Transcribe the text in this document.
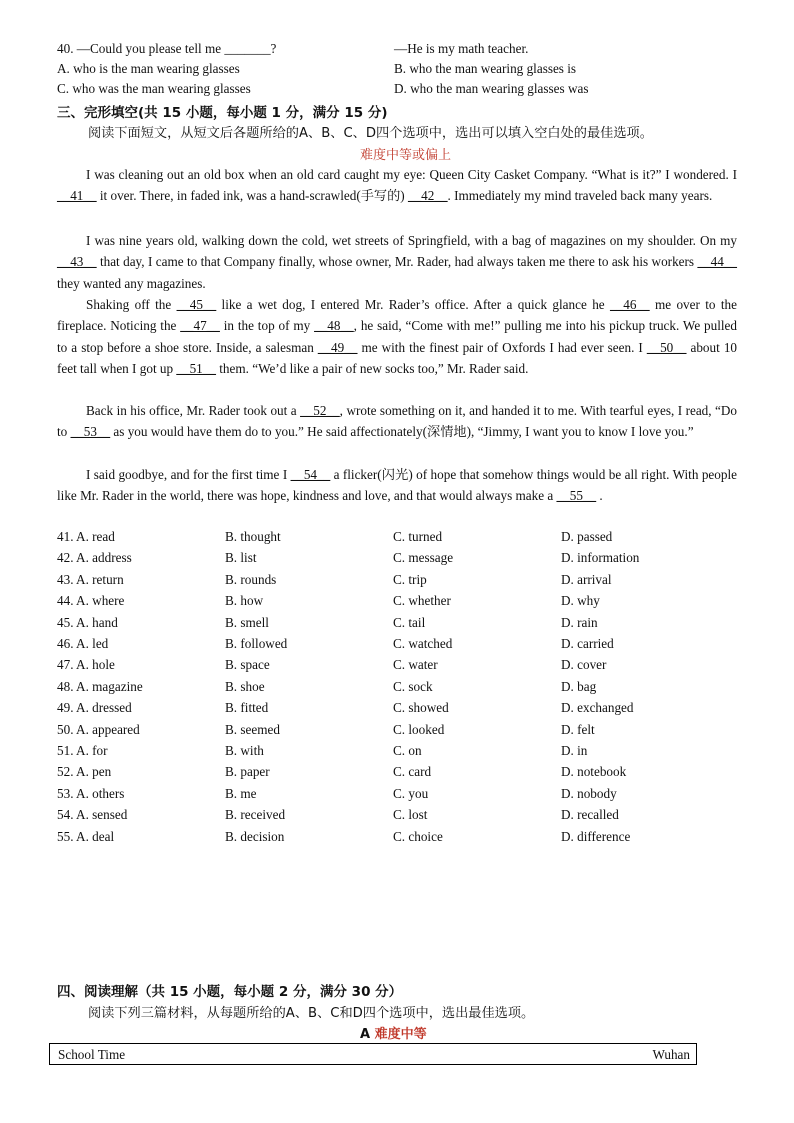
40. —Could you please tell me _______?	—He is my math teacher.
A. who is the man wearing glasses	B. who the man wearing glasses is
C. who was the man wearing glasses	D. who the man wearing glasses was
三、完形填空(共 15 小题，每小题 1 分，满分 15 分)
阅读下面短文，从短文后各题所给的A、B、C、D四个选项中，选出可以填入空白处的最佳选项。
难度中等或偏上
I was cleaning out an old box when an old card caught my eye: Queen City Casket Company. “What is it?” I wondered. I __41__ it over. There, in faded ink, was a hand-scrawled(手写的) __42__. Immediately my mind traveled back many years.
I was nine years old, walking down the cold, wet streets of Springfield, with a bag of magazines on my shoulder. On my __43__ that day, I came to that Company finally, whose owner, Mr. Rader, had always taken me there to ask his workers __44__ they wanted any magazines.
Shaking off the __45__ like a wet dog, I entered Mr. Rader’s office. After a quick glance he __46__ me over to the fireplace. Noticing the __47__ in the top of my __48__, he said, “Come with me!” pulling me into his pickup truck. We pulled to a stop before a shoe store. Inside, a salesman __49__ me with the finest pair of Oxfords I had ever seen. I __50__ about 10 feet tall when I got up __51__ them. “We’d like a pair of new socks too,” Mr. Rader said.
Back in his office, Mr. Rader took out a __52__, wrote something on it, and handed it to me. With tearful eyes, I read, “Do to __53__ as you would have them do to you.” He said affectionately(深情地), “Jimmy, I want you to know I love you.”
I said goodbye, and for the first time I __54__ a flicker(闪光) of hope that somehow things would be all right. With people like Mr. Rader in the world, there was hope, kindness and love, and that would always make a __55__ .
41. A. read	B. thought	C. turned	D. passed
42. A. address	B. list	C. message	D. information
43. A. return	B. rounds	C. trip	D. arrival
44. A. where	B. how	C. whether	D. why
45. A. hand	B. smell	C. tail	D. rain
46. A. led	B. followed	C. watched	D. carried
47. A. hole	B. space	C. water	D. cover
48. A. magazine	B. shoe	C. sock	D. bag
49. A. dressed	B. fitted	C. showed	D. exchanged
50. A. appeared	B. seemed	C. looked	D. felt
51. A. for	B. with	C. on	D. in
52. A. pen	B. paper	C. card	D. notebook
53. A. others	B. me	C. you	D. nobody
54. A. sensed	B. received	C. lost	D. recalled
55. A. deal	B. decision	C. choice	D. difference
四、阅读理解（共 15 小题，每小题 2 分，满分 30 分）
阅读下列三篇材料，从每题所给的A、B、C和D四个选项中，选出最佳选项。
A 难度中等
School Time	Wuhan
